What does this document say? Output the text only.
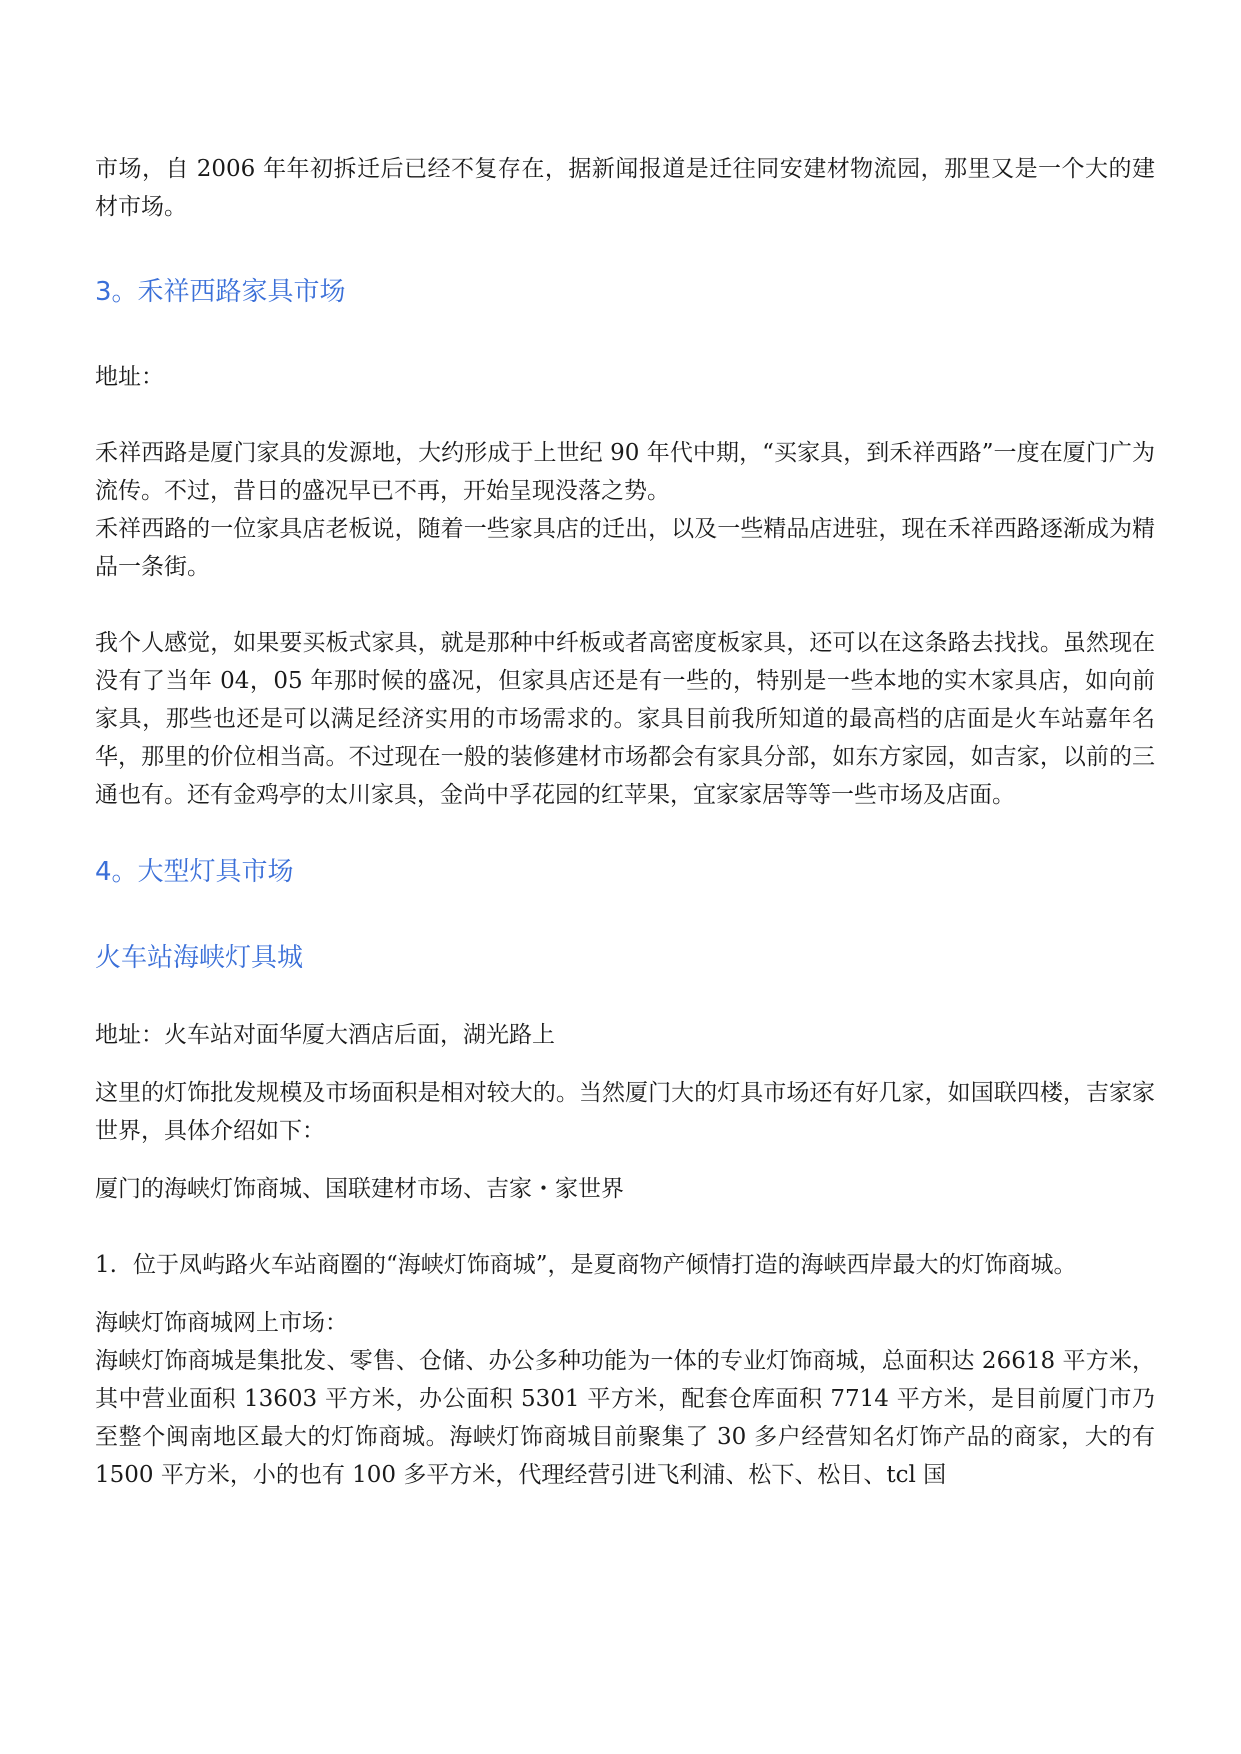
市场，自 2006 年年初拆迁后已经不复存在，据新闻报道是迁往同安建材物流园，那里又是一个大的建材市场。

3。禾祥西路家具市场

地址：

禾祥西路是厦门家具的发源地，大约形成于上世纪 90 年代中期，“买家具，到禾祥西路”一度在厦门广为流传。不过，昔日的盛况早已不再，开始呈现没落之势。

禾祥西路的一位家具店老板说，随着一些家具店的迁出，以及一些精品店进驻，现在禾祥西路逐渐成为精品一条街。

我个人感觉，如果要买板式家具，就是那种中纤板或者高密度板家具，还可以在这条路去找找。虽然现在没有了当年 04，05 年那时候的盛况，但家具店还是有一些的，特别是一些本地的实木家具店，如向前家具，那些也还是可以满足经济实用的市场需求的。家具目前我所知道的最高档的店面是火车站嘉年名华，那里的价位相当高。不过现在一般的装修建材市场都会有家具分部，如东方家园，如吉家，以前的三通也有。还有金鸡亭的太川家具，金尚中孚花园的红苹果，宜家家居等等一些市场及店面。

4。大型灯具市场
火车站海峡灯具城

地址：火车站对面华厦大酒店后面，湖光路上

这里的灯饰批发规模及市场面积是相对较大的。当然厦门大的灯具市场还有好几家，如国联四楼，吉家家世界，具体介绍如下：

厦门的海峡灯饰商城、国联建材市场、吉家・家世界

1. 位于凤屿路火车站商圈的“海峡灯饰商城”，是夏商物产倾情打造的海峡西岸最大的灯饰商城。

海峡灯饰商城网上市场：

海峡灯饰商城是集批发、零售、仓储、办公多种功能为一体的专业灯饰商城，总面积达 26618 平方米，其中营业面积 13603 平方米，办公面积 5301 平方米，配套仓库面积 7714 平方米，是目前厦门市乃至整个闽南地区最大的灯饰商城。海峡灯饰商城目前聚集了 30 多户经营知名灯饰产品的商家，大的有 1500 平方米，小的也有 100 多平方米，代理经营引进飞利浦、松下、松日、tcl 国
